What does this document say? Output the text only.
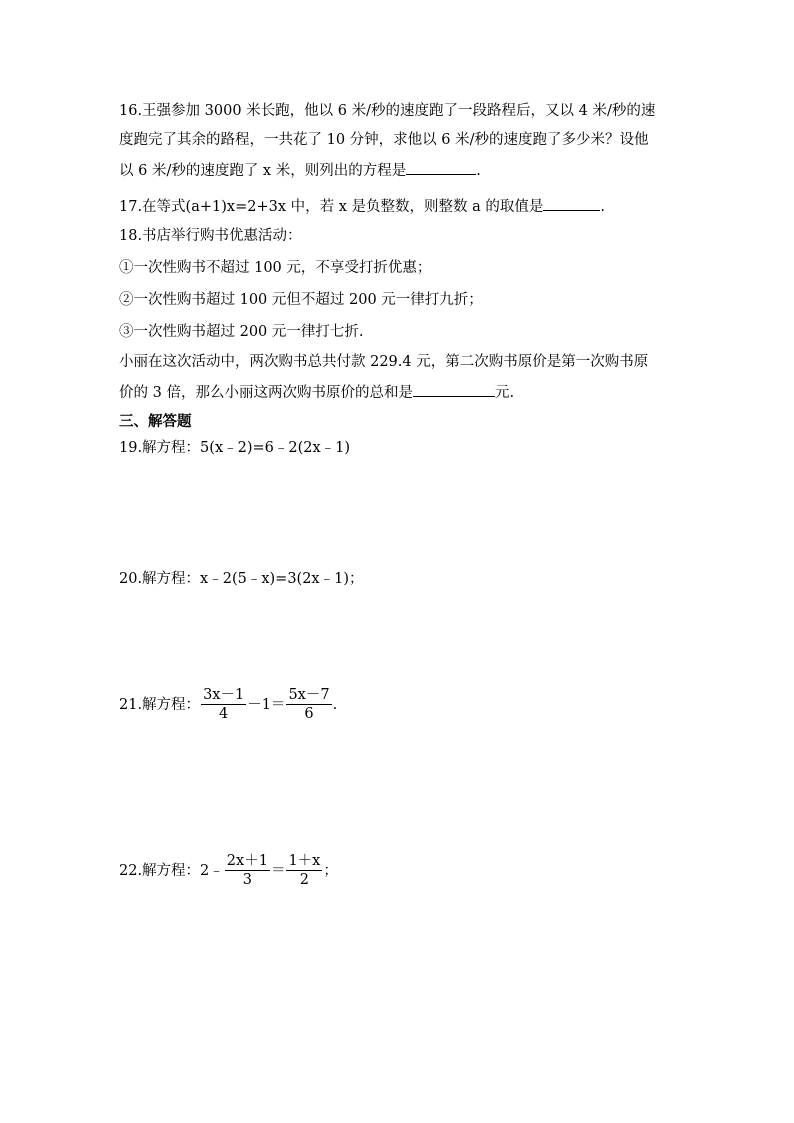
16.王强参加 3000 米长跑，他以 6 米/秒的速度跑了一段路程后，又以 4 米/秒的速
度跑完了其余的路程，一共花了 10 分钟，求他以 6 米/秒的速度跑了多少米？设他
以 6 米/秒的速度跑了 x 米，则列出的方程是	.
17.在等式(a+1)x=2+3x 中，若 x 是负整数，则整数 a 的取值是	.
18.书店举行购书优惠活动：
①一次性购书不超过 100 元，不享受打折优惠；
②一次性购书超过 100 元但不超过 200 元一律打九折；
③一次性购书超过 200 元一律打七折.
小丽在这次活动中，两次购书总共付款 229.4 元，第二次购书原价是第一次购书原
价的 3 倍，那么小丽这两次购书原价的总和是	元.
三、解答题
19.解方程：5(x﹣2)=6﹣2(2x﹣1)
20.解方程：x﹣2(5﹣x)=3(2x﹣1)；
21.解方程： $\frac{3x-1}{4} -1= \frac{5x-7}{6}$ .
22.解方程：2﹣ $\frac{2x+1}{3} = \frac{1+x}{2}$ ；
